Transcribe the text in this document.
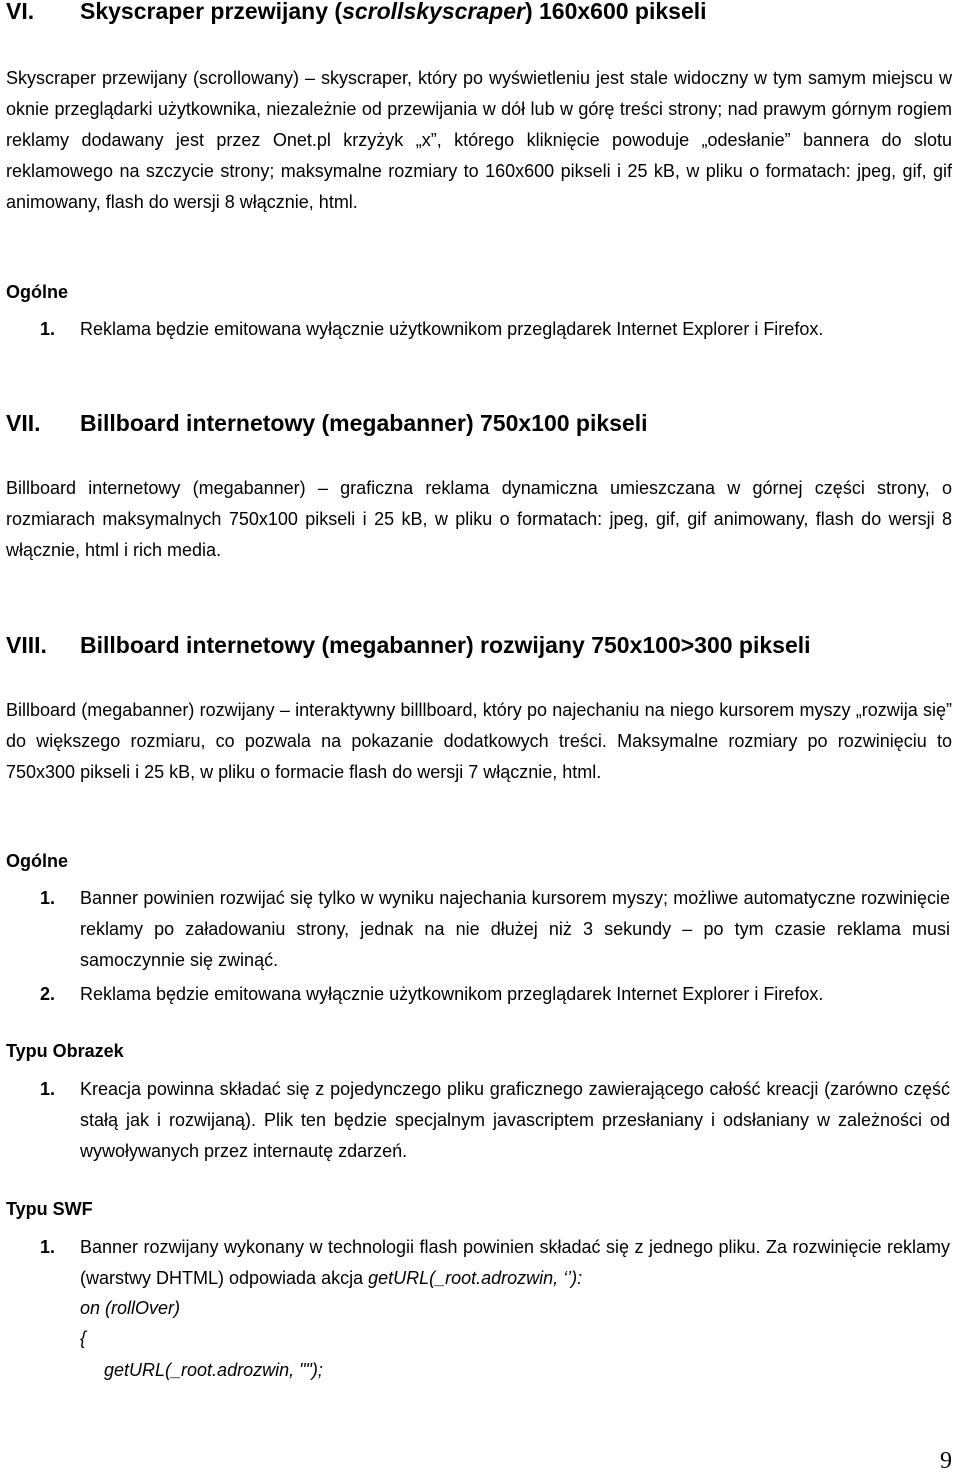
VI. Skyscraper przewijany (scrollskyscraper) 160x600 pikseli
Skyscraper przewijany (scrollowany) – skyscraper, który po wyświetleniu jest stale widoczny w tym samym miejscu w oknie przeglądarki użytkownika, niezależnie od przewijania w dół lub w górę treści strony; nad prawym górnym rogiem reklamy dodawany jest przez Onet.pl krzyżyk „x”, którego kliknięcie powoduje „odesłanie” bannera do slotu reklamowego na szczycie strony; maksymalne rozmiary to 160x600 pikseli i 25 kB, w pliku o formatach: jpeg, gif, gif animowany, flash do wersji 8 włącznie, html.
Ogólne
1.	Reklama będzie emitowana wyłącznie użytkownikom przeglądarek Internet Explorer i Firefox.
VII. Billboard internetowy (megabanner) 750x100 pikseli
Billboard internetowy (megabanner) – graficzna reklama dynamiczna umieszczana w górnej części strony, o rozmiarach maksymalnych 750x100 pikseli i 25 kB, w pliku o formatach: jpeg, gif, gif animowany, flash do wersji 8 włącznie, html i rich media.
VIII. Billboard internetowy (megabanner) rozwijany 750x100>300 pikseli
Billboard (megabanner) rozwijany – interaktywny billlboard, który po najechaniu na niego kursorem myszy „rozwija się” do większego rozmiaru, co pozwala na pokazanie dodatkowych treści. Maksymalne rozmiary po rozwinięciu to 750x300 pikseli i 25 kB, w pliku o formacie flash do wersji 7 włącznie, html.
Ogólne
1.	Banner powinien rozwijać się tylko w wyniku najechania kursorem myszy; możliwe automatyczne rozwinięcie reklamy po załadowaniu strony, jednak na nie dłużej niż 3 sekundy – po tym czasie reklama musi samoczynnie się zwinąć.
2.	Reklama będzie emitowana wyłącznie użytkownikom przeglądarek Internet Explorer i Firefox.
Typu Obrazek
1.	Kreacja powinna składać się z pojedynczego pliku graficznego zawierającego całość kreacji (zarówno część stałą jak i rozwijaną). Plik ten będzie specjalnym javascriptem przesłaniany i odsłaniany w zależności od wywoływanych przez internautę zdarzeń.
Typu SWF
1.	Banner rozwijany wykonany w technologii flash powinien składać się z jednego pliku. Za rozwinięcie reklamy (warstwy DHTML) odpowiada akcja getURL(_root.adrozwin, ‘’):
on (rollOver)
{
getURL(_root.adrozwin, "");
9
